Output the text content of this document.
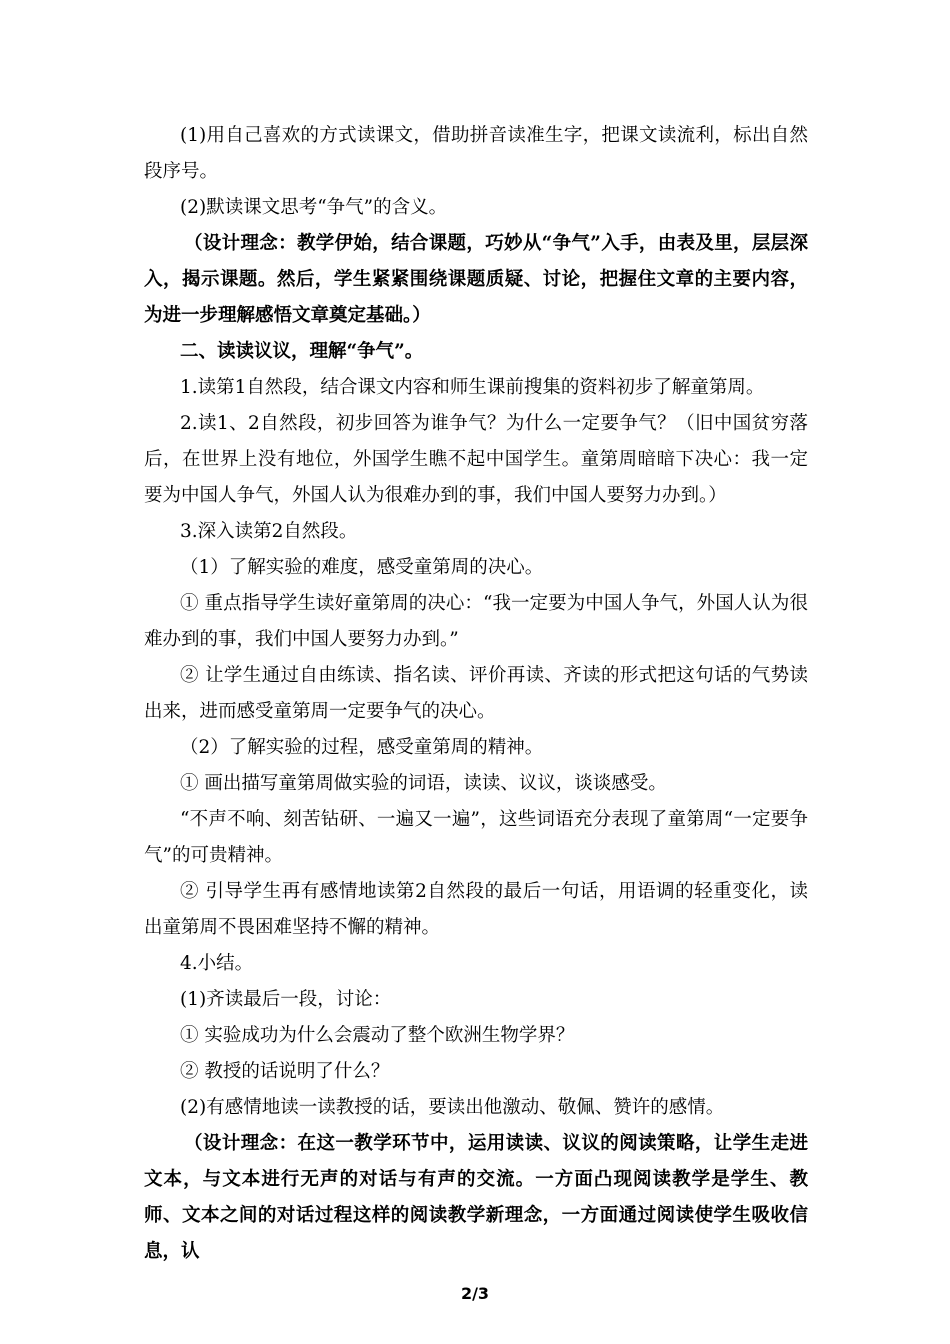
(1)用自己喜欢的方式读课文，借助拼音读准生字，把课文读流利，标出自然段序号。

(2)默读课文思考“争气”的含义。

（设计理念：教学伊始，结合课题，巧妙从“争气”入手，由表及里，层层深入，揭示课题。然后，学生紧紧围绕课题质疑、讨论，把握住文章的主要内容，为进一步理解感悟文章奠定基础。）

二、读读议议，理解“争气”。

1.读第1自然段，结合课文内容和师生课前搜集的资料初步了解童第周。

2.读1、2自然段，初步回答为谁争气？为什么一定要争气？（旧中国贫穷落后，在世界上没有地位，外国学生瞧不起中国学生。童第周暗暗下决心：我一定要为中国人争气，外国人认为很难办到的事，我们中国人要努力办到。）

3.深入读第2自然段。

（1）了解实验的难度，感受童第周的决心。

① 重点指导学生读好童第周的决心：“我一定要为中国人争气，外国人认为很难办到的事，我们中国人要努力办到。”

② 让学生通过自由练读、指名读、评价再读、齐读的形式把这句话的气势读出来，进而感受童第周一定要争气的决心。

（2）了解实验的过程，感受童第周的精神。

① 画出描写童第周做实验的词语，读读、议议，谈谈感受。

“不声不响、刻苦钻研、一遍又一遍”，这些词语充分表现了童第周“一定要争气”的可贵精神。

② 引导学生再有感情地读第2自然段的最后一句话，用语调的轻重变化，读出童第周不畏困难坚持不懈的精神。

4.小结。

(1)齐读最后一段，讨论：

① 实验成功为什么会震动了整个欧洲生物学界？

② 教授的话说明了什么？

(2)有感情地读一读教授的话，要读出他激动、敬佩、赞许的感情。

（设计理念：在这一教学环节中，运用读读、议议的阅读策略，让学生走进文本，与文本进行无声的对话与有声的交流。一方面凸现阅读教学是学生、教师、文本之间的对话过程这样的阅读教学新理念，一方面通过阅读使学生吸收信息，认

2/3
